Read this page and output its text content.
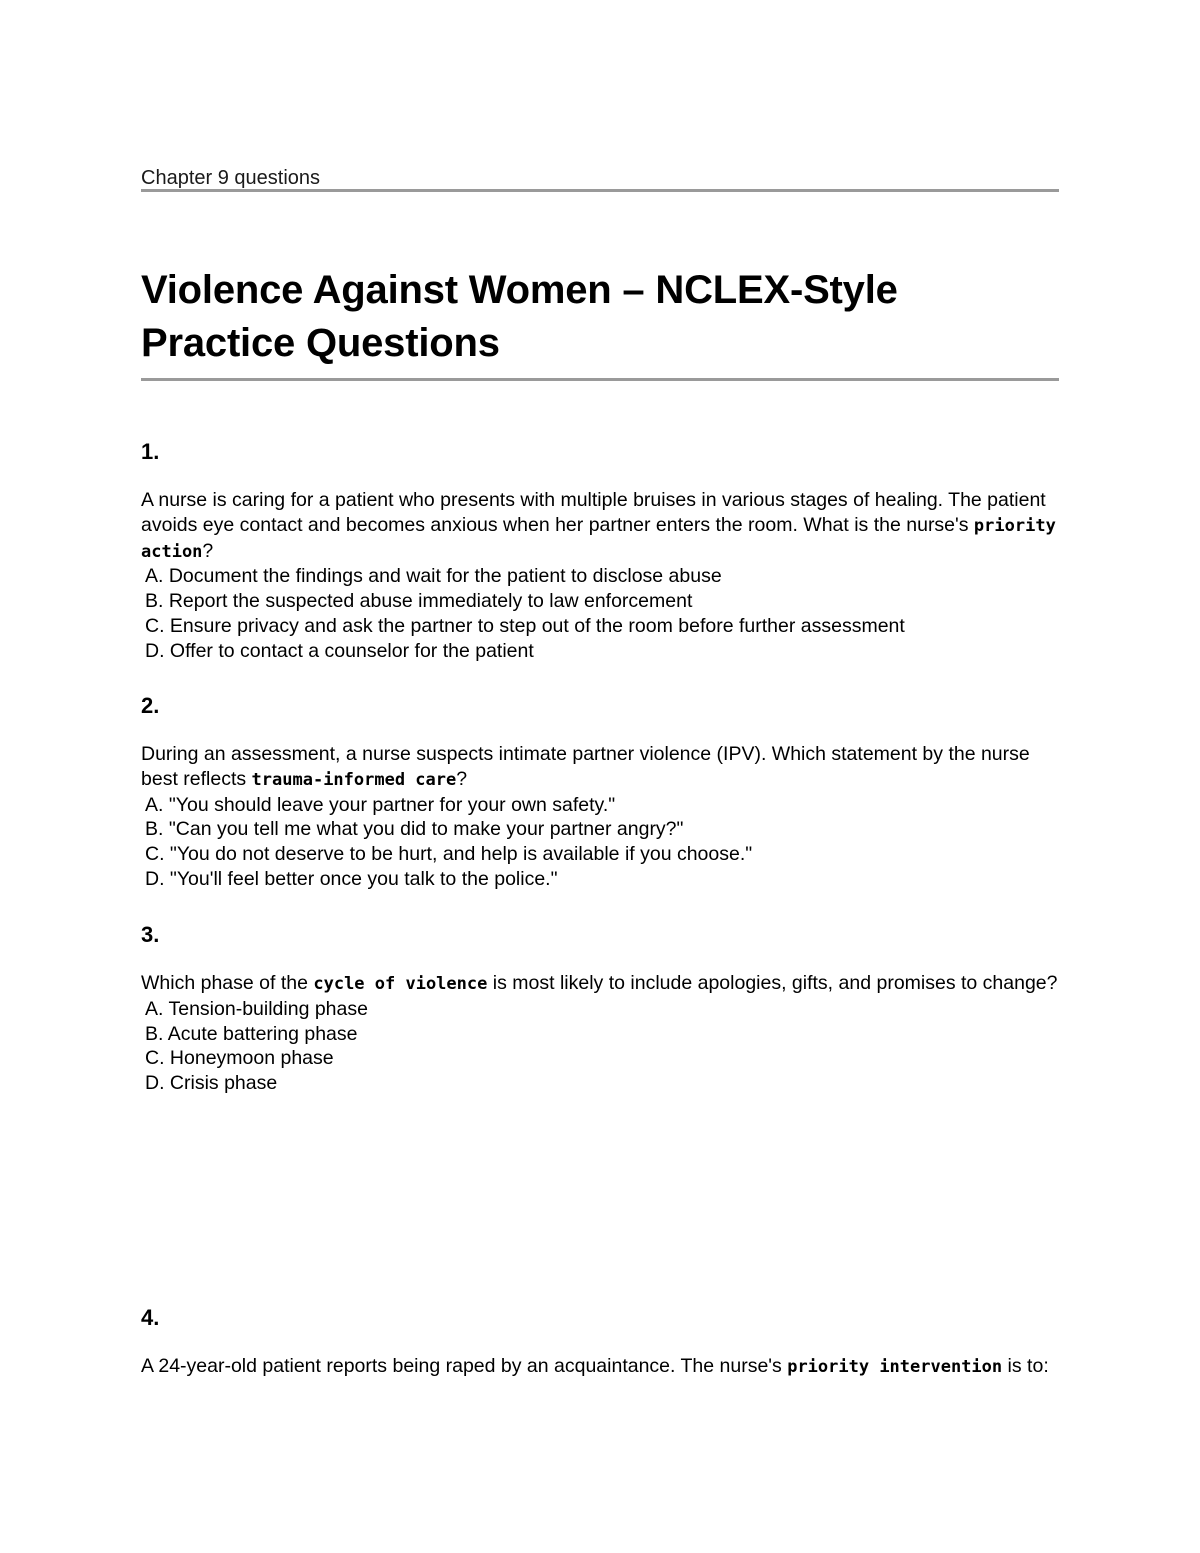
Chapter 9 questions
Violence Against Women – NCLEX-Style
Practice Questions
1.

A nurse is caring for a patient who presents with multiple bruises in various stages of healing. The patient avoids eye contact and becomes anxious when her partner enters the room. What is the nurse's priority action?

A. Document the findings and wait for the patient to disclose abuse
B. Report the suspected abuse immediately to law enforcement
C. Ensure privacy and ask the partner to step out of the room before further assessment
D. Offer to contact a counselor for the patient
2.

During an assessment, a nurse suspects intimate partner violence (IPV). Which statement by the nurse best reflects trauma-informed care?

A. "You should leave your partner for your own safety."
B. "Can you tell me what you did to make your partner angry?"
C. "You do not deserve to be hurt, and help is available if you choose."
D. "You'll feel better once you talk to the police."
3.

Which phase of the cycle of violence is most likely to include apologies, gifts, and promises to change?

A. Tension-building phase
B. Acute battering phase
C. Honeymoon phase
D. Crisis phase
4.

A 24-year-old patient reports being raped by an acquaintance. The nurse's priority intervention is to:
